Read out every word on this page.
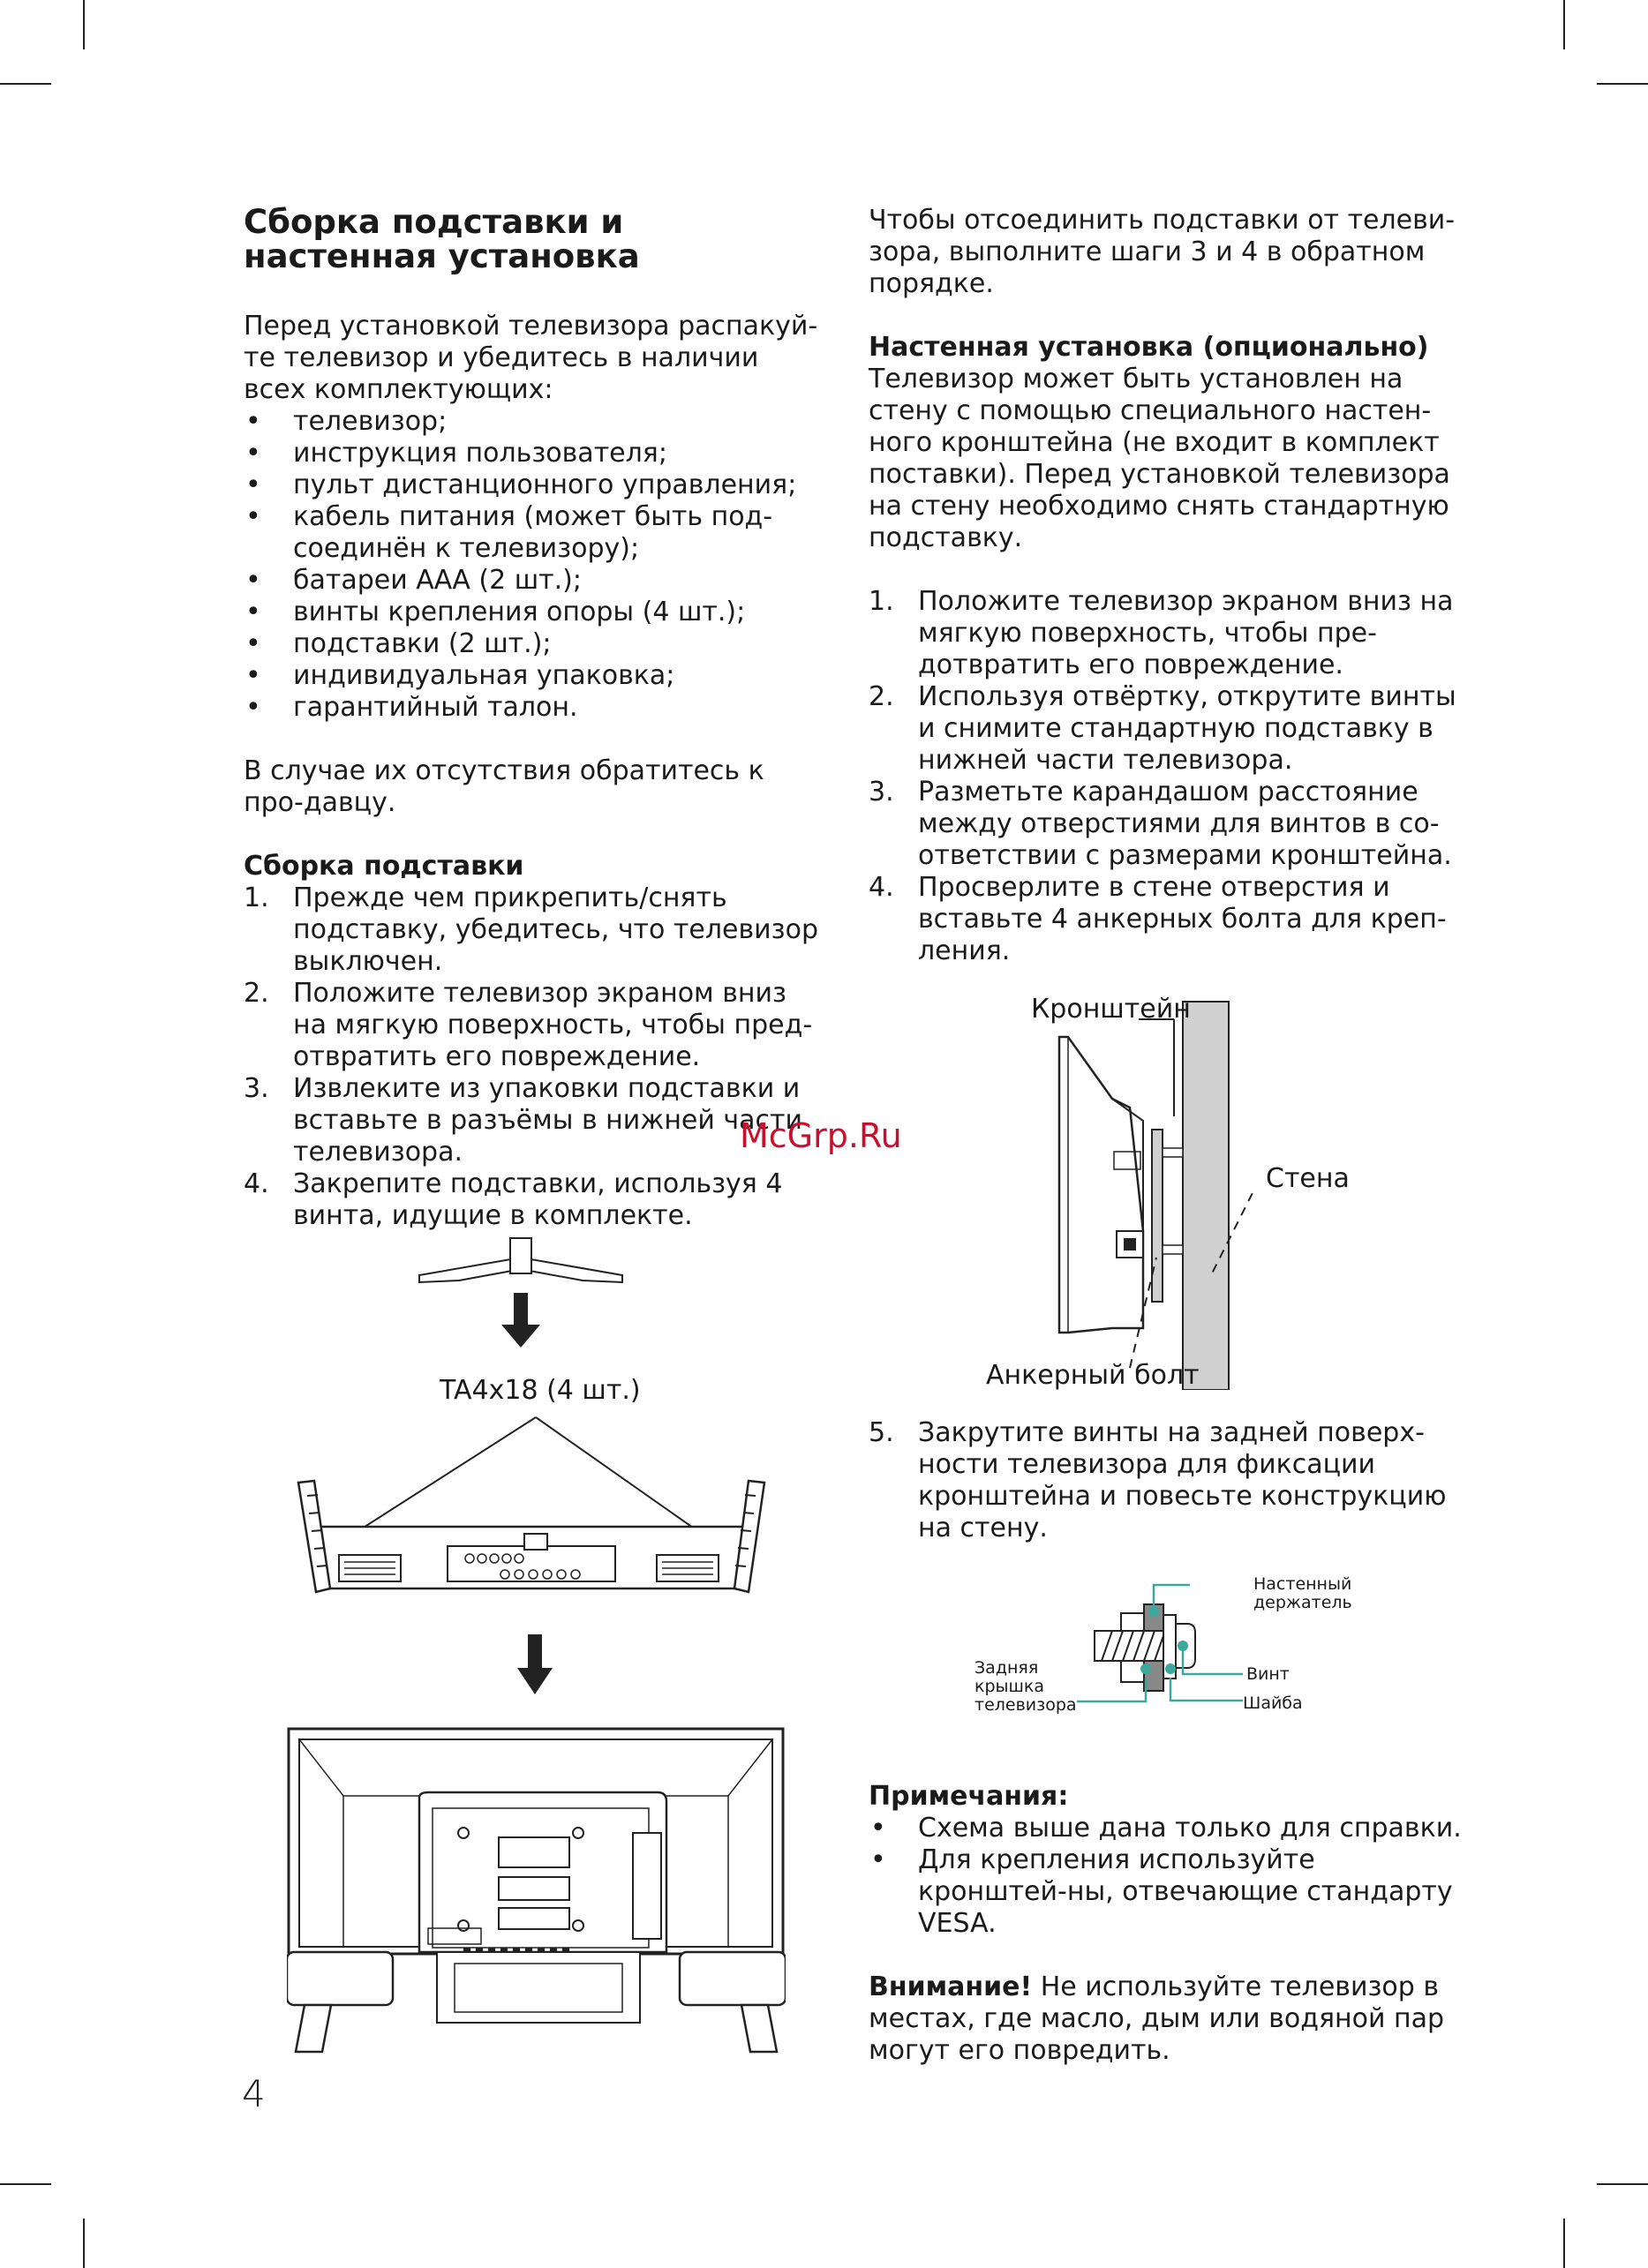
Сборка подставки и настенная установка

Перед установкой телевизора распакуй-те телевизор и убедитесь в наличии всех комплектующих:

• телевизор;
• инструкция пользователя;
• пульт дистанционного управления;
• кабель питания (может быть под-соединён к телевизору);
• батареи ААА (2 шт.);
• винты крепления опоры (4 шт.);
• подставки (2 шт.);
• индивидуальная упаковка;
• гарантийный талон.

В случае их отсутствия обратитесь к про-давцу.

Сборка подставки

1. Прежде чем прикрепить/снять подставку, убедитесь, что телевизор выключен.
2. Положите телевизор экраном вниз на мягкую поверхность, чтобы пред-отвратить его повреждение.
3. Извлеките из упаковки подставки и вставьте в разъёмы в нижней части телевизора.
4. Закрепите подставки, используя 4 винта, идущие в комплекте.
TA4x18 (4 шт.)

Чтобы отсоединить подставки от телеви-зора, выполните шаги 3 и 4 в обратном порядке.

Настенная установка (опционально)

Телевизор может быть установлен на стену с помощью специального настен-ного кронштейна (не входит в комплект поставки). Перед установкой телевизора на стену необходимо снять стандартную подставку.

1. Положите телевизор экраном вниз на мягкую поверхность, чтобы пре-дотвратить его повреждение.
2. Используя отвёртку, открутите винты и снимите стандартную подставку в нижней части телевизора.
3. Разметьте карандашом расстояние между отверстиями для винтов в со-ответствии с размерами кронштейна.
4. Просверлите в стене отверстия и вставьте 4 анкерных болта для креп-ления.
Кронштейн
Стена
Анкерный болт
5. Закрутите винты на задней поверх-ности телевизора для фиксации кронштейна и повесьте конструкцию на стену.
Настенный держатель
Винт
Шайба
Задняя крышка телевизора

Примечания:

• Схема выше дана только для справки.
• Для крепления используйте кронштей-ны, отвечающие стандарту VESA.

Внимание! Не используйте телевизор в местах, где масло, дым или водяной пар могут его повредить.

McGrp.Ru
4
